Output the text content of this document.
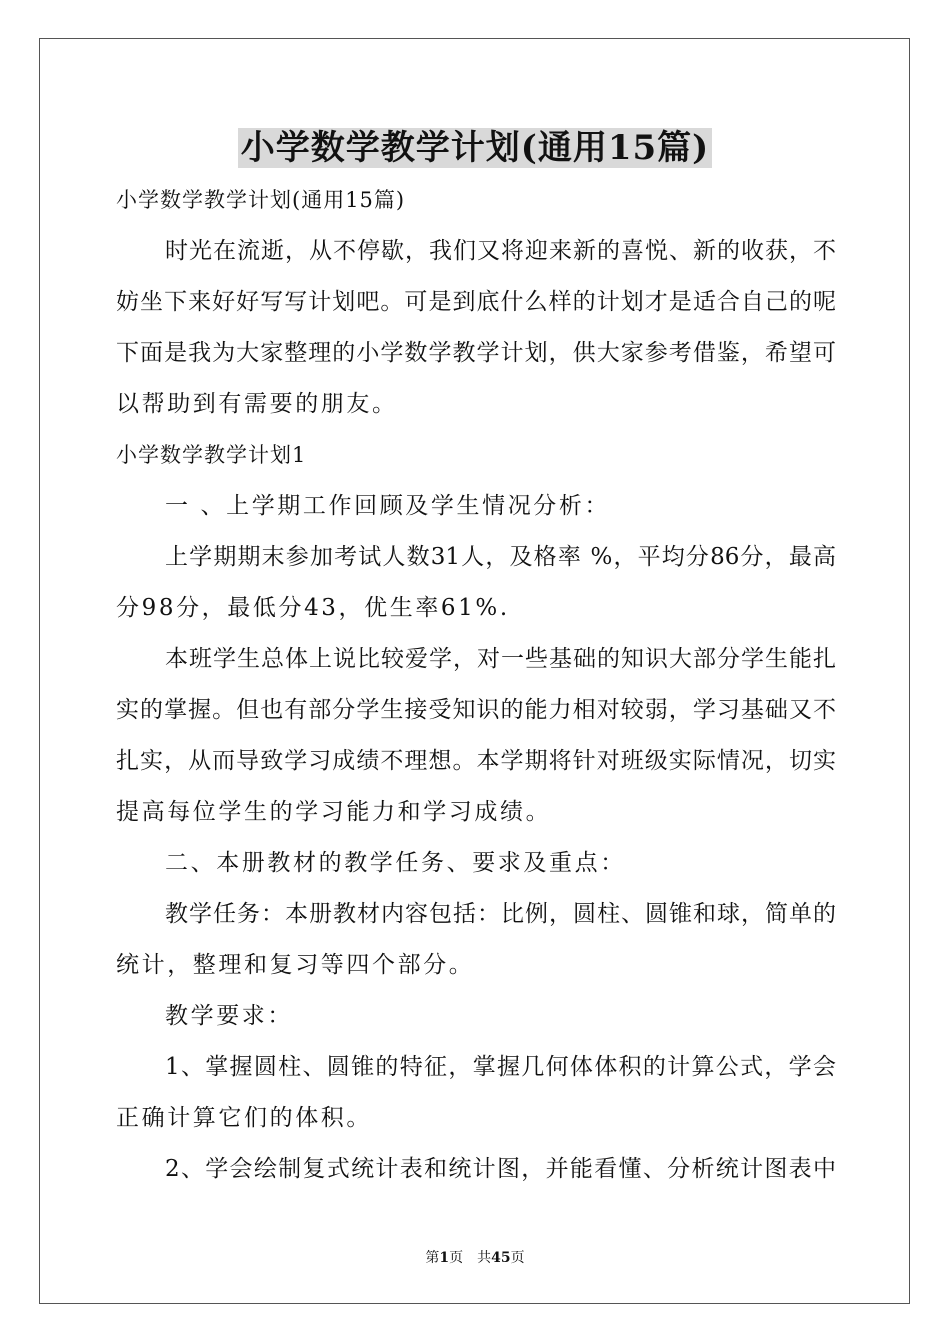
小学数学教学计划(通用15篇)
小学数学教学计划(通用15篇)
时光在流逝，从不停歇，我们又将迎来新的喜悦、新的收获，不
妨坐下来好好写写计划吧。可是到底什么样的计划才是适合自己的呢
下面是我为大家整理的小学数学教学计划，供大家参考借鉴，希望可
以帮助到有需要的朋友。
小学数学教学计划1
一 、上学期工作回顾及学生情况分析：
上学期期末参加考试人数31人，及格率 %，平均分86分，最高
分98分，最低分43，优生率61%.
本班学生总体上说比较爱学，对一些基础的知识大部分学生能扎
实的掌握。但也有部分学生接受知识的能力相对较弱，学习基础又不
扎实，从而导致学习成绩不理想。本学期将针对班级实际情况，切实
提高每位学生的学习能力和学习成绩。
二、本册教材的教学任务、要求及重点：
教学任务：本册教材内容包括：比例，圆柱、圆锥和球，简单的
统计，整理和复习等四个部分。
教学要求：
1、掌握圆柱、圆锥的特征，掌握几何体体积的计算公式，学会
正确计算它们的体积。
2、学会绘制复式统计表和统计图，并能看懂、分析统计图表中
第1页　共45页
